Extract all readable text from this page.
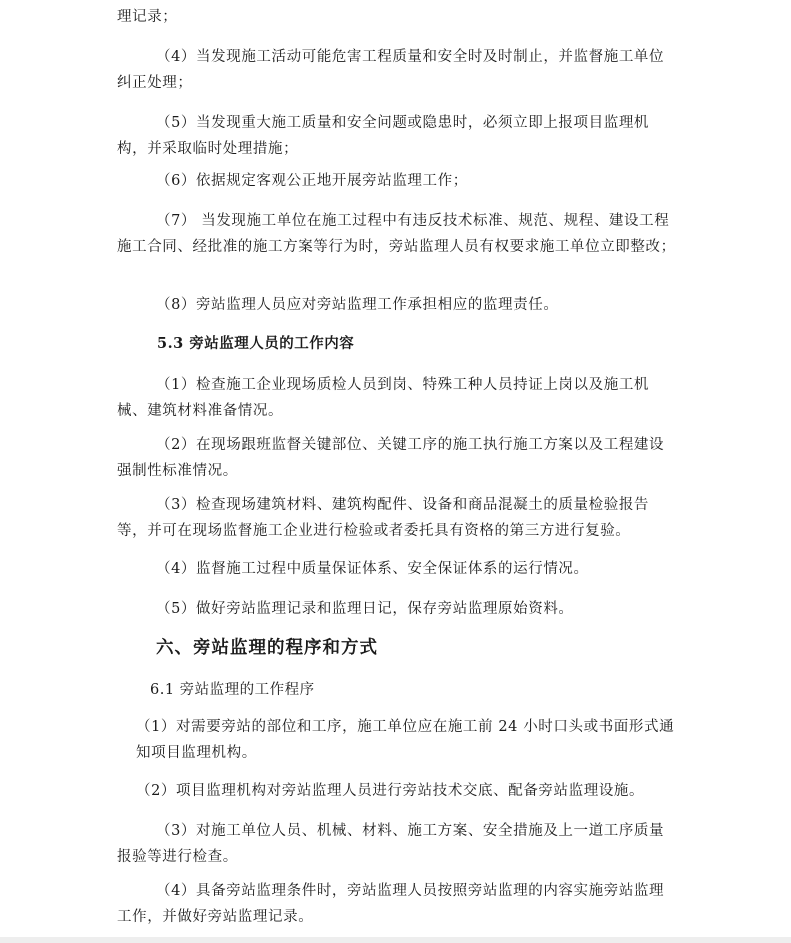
理记录；

（4）当发现施工活动可能危害工程质量和安全时及时制止，并监督施工单位纠正处理；

（5）当发现重大施工质量和安全问题或隐患时，必须立即上报项目监理机构，并采取临时处理措施；

（6）依据规定客观公正地开展旁站监理工作；

（7） 当发现施工单位在施工过程中有违反技术标准、规范、规程、建设工程施工合同、经批准的施工方案等行为时，旁站监理人员有权要求施工单位立即整改；

（8）旁站监理人员应对旁站监理工作承担相应的监理责任。

5.3 旁站监理人员的工作内容

（1）检查施工企业现场质检人员到岗、特殊工种人员持证上岗以及施工机械、建筑材料准备情况。

（2）在现场跟班监督关键部位、关键工序的施工执行施工方案以及工程建设强制性标准情况。

（3）检查现场建筑材料、建筑构配件、设备和商品混凝土的质量检验报告等，并可在现场监督施工企业进行检验或者委托具有资格的第三方进行复验。

（4）监督施工过程中质量保证体系、安全保证体系的运行情况。

（5）做好旁站监理记录和监理日记，保存旁站监理原始资料。

六、旁站监理的程序和方式
6.1 旁站监理的工作程序

（1）对需要旁站的部位和工序，施工单位应在施工前 24 小时口头或书面形式通知项目监理机构。

（2）项目监理机构对旁站监理人员进行旁站技术交底、配备旁站监理设施。

（3）对施工单位人员、机械、材料、施工方案、安全措施及上一道工序质量报验等进行检查。

（4）具备旁站监理条件时，旁站监理人员按照旁站监理的内容实施旁站监理工作，并做好旁站监理记录。
